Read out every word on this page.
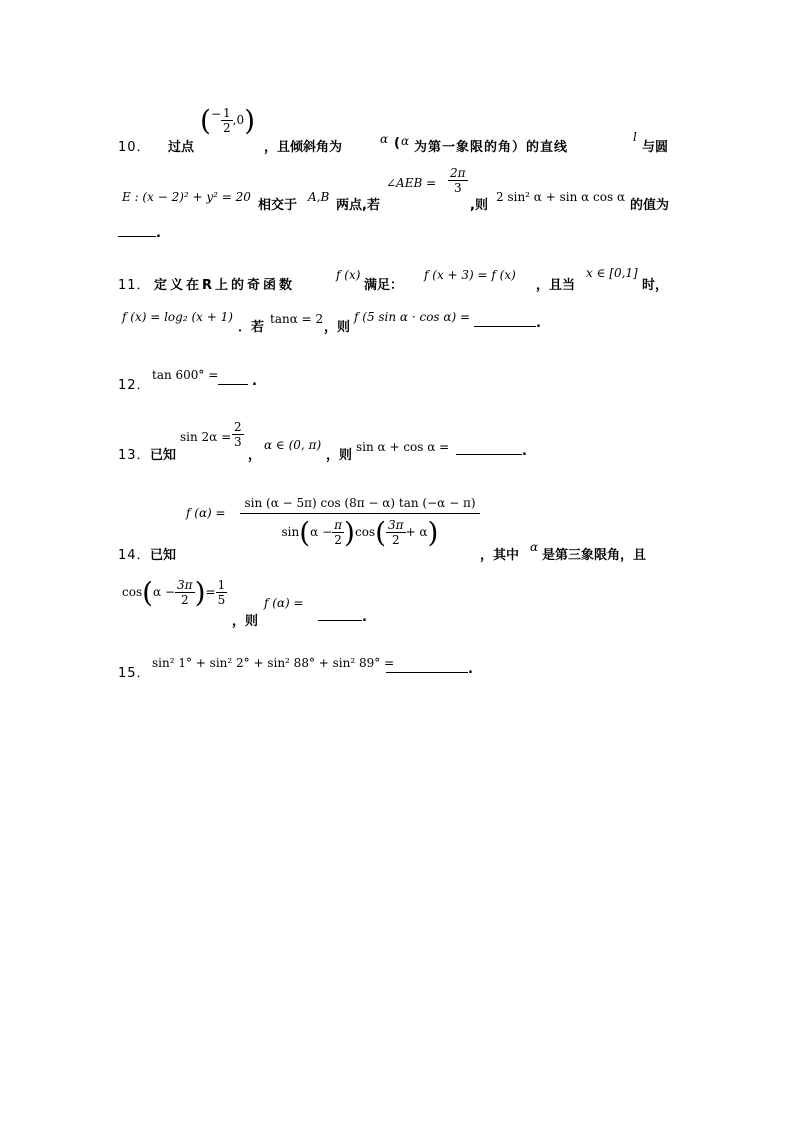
10． 过点
(− $\frac{1}{2} ,0$)
，且倾斜角为
α ( α 为第一象限的角）的直线
l
与圆
E : (x − 2)² + y² = 20
相交于
A,B
两点,若
∠AEB = $\frac{2\pi}{3}$
,则
2 sin² α + sin α cos α
的值为
.
11． 定义在R上的奇函数
f (x)
满足：
f (x + 3) = f (x)
，且当
x ∈ [0,1]
时，
f (x) = log₂ (x + 1)
．若
tanα = 2
，则
f (5 sin α · cos α) =	.
12．
tan 600° =	.
13． 已知
$\sin 2\alpha = \frac{2}{3}$
，
α ∈ (0, π)
，则
sin α + cos α =	.
14． 已知
f $(\alpha) = \frac{\sin (\alpha - 5\pi) \cos (8\pi - \alpha) \tan (-\alpha - \pi)}{\sin(\alpha - \frac{\pi}{2} )\cos( \frac{3\pi}{2} + \alpha)}$
，其中
α
是第三象限角，且
$\cos(\alpha - \frac{3\pi}{2}$ )= $\frac{1}{5}$
，则
f (α) =
.
15．
sin² 1° + sin² 2° + sin² 88° + sin² 89° =	.
